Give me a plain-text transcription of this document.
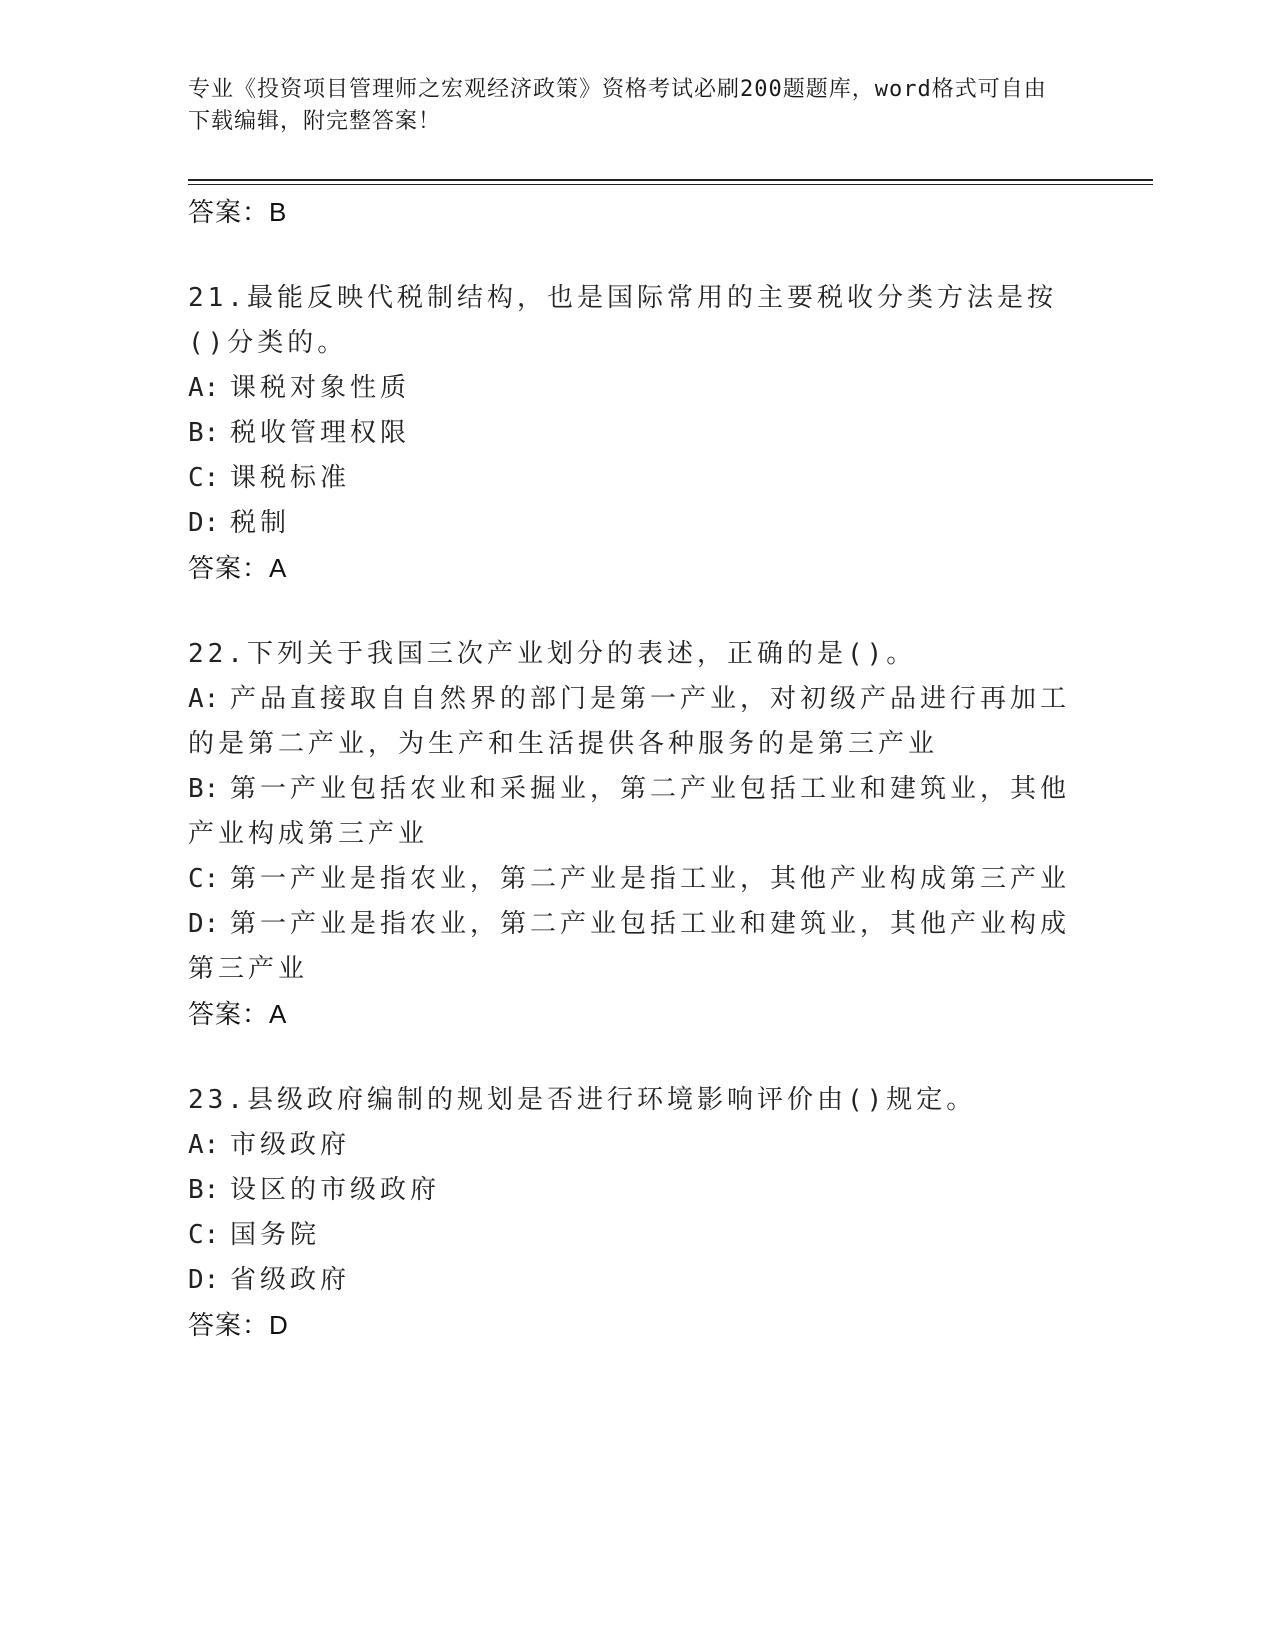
专业《投资项目管理师之宏观经济政策》资格考试必刷200题题库，word格式可自由下载编辑，附完整答案！
答案：B
21.最能反映代税制结构，也是国际常用的主要税收分类方法是按()分类的。
A: 课税对象性质
B: 税收管理权限
C: 课税标准
D: 税制
答案：A
22.下列关于我国三次产业划分的表述，正确的是()。
A: 产品直接取自自然界的部门是第一产业，对初级产品进行再加工的是第二产业，为生产和生活提供各种服务的是第三产业
B: 第一产业包括农业和采掘业，第二产业包括工业和建筑业，其他产业构成第三产业
C: 第一产业是指农业，第二产业是指工业，其他产业构成第三产业
D: 第一产业是指农业，第二产业包括工业和建筑业，其他产业构成第三产业
答案：A
23.县级政府编制的规划是否进行环境影响评价由()规定。
A: 市级政府
B: 设区的市级政府
C: 国务院
D: 省级政府
答案：D
